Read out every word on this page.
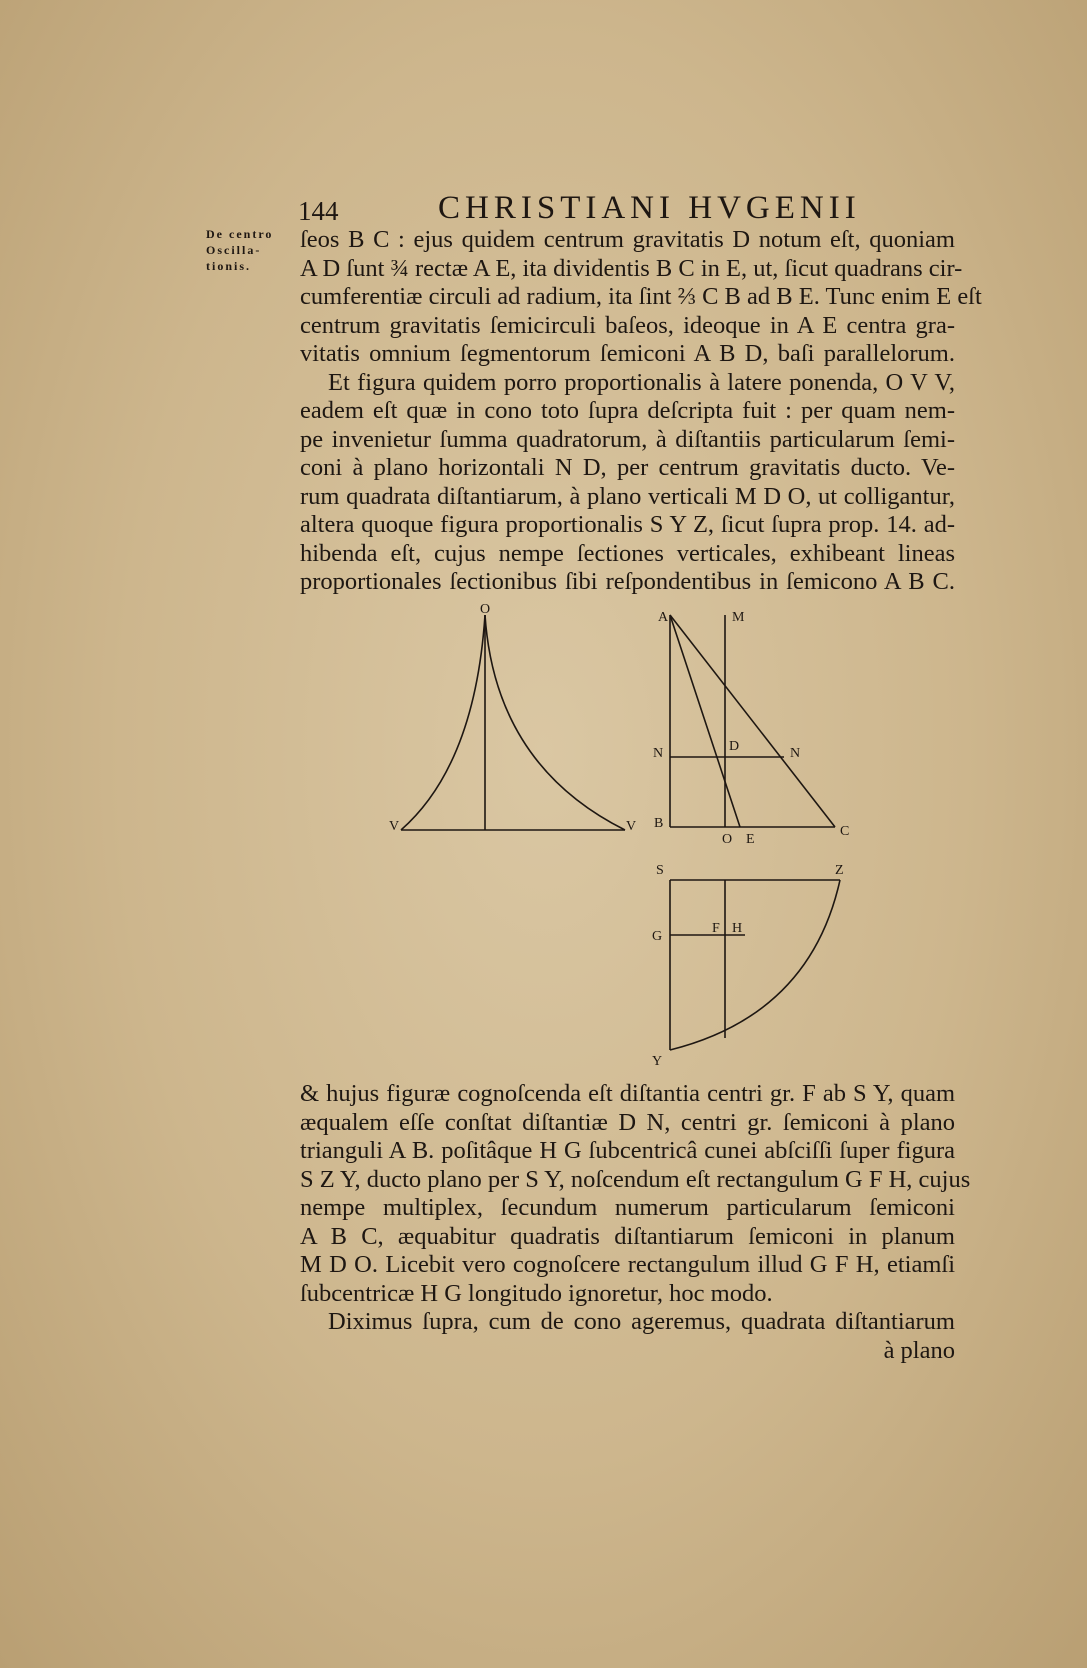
144	CHRISTIANI HVGENII
De centro
Oscilla-
tionis.
ſeos B C : ejus quidem centrum gravitatis D notum eſt, quoniam
A D ſunt ¾ rectæ A E, ita dividentis B C in E, ut, ſicut quadrans cir-
cumferentiæ circuli ad radium, ita ſint ⅔ C B ad B E. Tunc enim E eſt
centrum gravitatis ſemicirculi baſeos, ideoque in A E centra gra-
vitatis omnium ſegmentorum ſemiconi A B D, baſi parallelorum.
Et figura quidem porro proportionalis à latere ponenda, O V V,
eadem eſt quæ in cono toto ſupra deſcripta fuit : per quam nem-
pe invenietur ſumma quadratorum, à diſtantiis particularum ſemi-
coni à plano horizontali N D, per centrum gravitatis ducto. Ve-
rum quadrata diſtantiarum, à plano verticali M D O, ut colligantur,
altera quoque figura proportionalis S Y Z, ſicut ſupra prop. 14. ad-
hibenda eſt, cujus nempe ſectiones verticales, exhibeant lineas
proportionales ſectionibus ſibi reſpondentibus in ſemicono A B C.
O
V	V
A	M
N	D	N
B
O E
C
S	Z
G
F H
Y
& hujus figuræ cognoſcenda eſt diſtantia centri gr. F ab S Y, quam
æqualem eſſe conſtat diſtantiæ D N, centri gr. ſemiconi à plano
trianguli A B. poſitâque H G ſubcentricâ cunei abſciſſi ſuper figura
S Z Y, ducto plano per S Y, noſcendum eſt rectangulum G F H, cujus
nempe multiplex, ſecundum numerum particularum ſemiconi
A B C, æquabitur quadratis diſtantiarum ſemiconi in planum
M D O. Licebit vero cognoſcere rectangulum illud G F H, etiamſi
ſubcentricæ H G longitudo ignoretur, hoc modo.
Diximus ſupra, cum de cono ageremus, quadrata diſtantiarum
à plano
